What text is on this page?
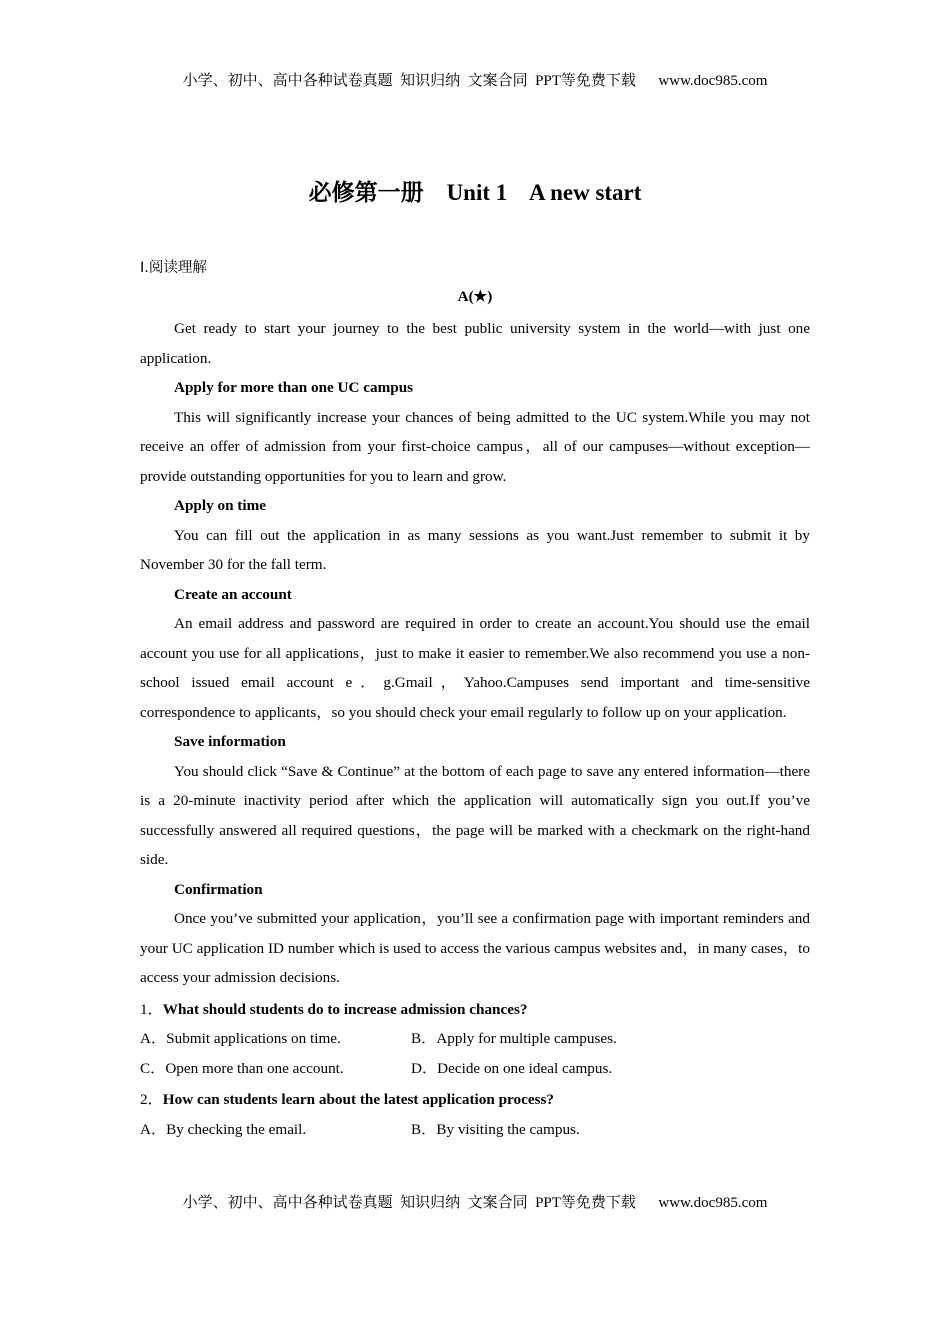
小学、初中、高中各种试卷真题  知识归纳  文案合同  PPT等免费下载      www.doc985.com
必修第一册    Unit 1    A new start

Ⅰ.阅读理解

A(★)

Get ready to start your journey to the best public university system in the world—with just one application.

Apply for more than one UC campus

This will significantly increase your chances of being admitted to the UC system.While you may not receive an offer of admission from your first-choice campus，all of our campuses—without exception—provide outstanding opportunities for you to learn and grow.

Apply on time

You can fill out the application in as many sessions as you want.Just remember to submit it by November 30 for the fall term.

Create an account

An email address and password are required in order to create an account.You should use the email account you use for all applications，just to make it easier to remember.We also recommend you use a non-school issued email account e．g.Gmail，Yahoo.Campuses send important and time-sensitive correspondence to applicants，so you should check your email regularly to follow up on your application.

Save information

You should click “Save & Continue” at the bottom of each page to save any entered information—there is a 20-minute inactivity period after which the application will automatically sign you out.If you’ve successfully answered all required questions，the page will be marked with a checkmark on the right-hand side.

Confirmation

Once you’ve submitted your application，you’ll see a confirmation page with important reminders and your UC application ID number which is used to access the various campus websites and，in many cases，to access your admission decisions.

1．What should students do to increase admission chances?

A．Submit applications on time.	B．Apply for multiple campuses.
C．Open more than one account.	D．Decide on one ideal campus.

2．How can students learn about the latest application process?

A．By checking the email.	B．By visiting the campus.
小学、初中、高中各种试卷真题  知识归纳  文案合同  PPT等免费下载      www.doc985.com
